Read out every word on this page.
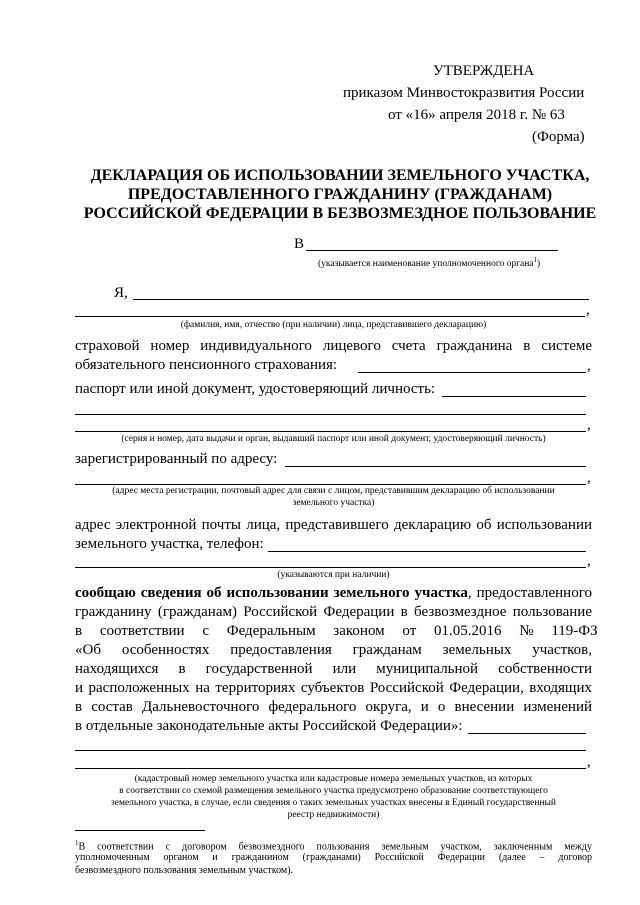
УТВЕРЖДЕНА
приказом Минвостокразвития России
от «16» апреля 2018 г. № 63
(Форма)
ДЕКЛАРАЦИЯ ОБ ИСПОЛЬЗОВАНИИ ЗЕМЕЛЬНОГО УЧАСТКА,
ПРЕДОСТАВЛЕННОГО ГРАЖДАНИНУ (ГРАЖДАНАМ)
РОССИЙСКОЙ ФЕДЕРАЦИИ В БЕЗВОЗМЕЗДНОЕ ПОЛЬЗОВАНИЕ
В
(указывается наименование уполномоченного органа$^1$)
Я,
,
(фамилия, имя, отчество (при наличии) лица, представившего декларацию)
страховой номер индивидуального лицевого счета гражданина в системе
обязательного пенсионного страхования:	,
паспорт или иной документ, удостоверяющий личность:
,
(серия и номер, дата выдачи и орган, выдавший паспорт или иной документ, удостоверяющий личность)
зарегистрированный по адресу:
,
(адрес места регистрации, почтовый адрес для связи с лицом, представившим декларацию об использовании
земельного участка)
адрес электронной почты лица, представившего декларацию об использовании
земельного участка, телефон:
,
(указываются при наличии)
сообщаю сведения об использовании земельного участка, предоставленного
гражданину (гражданам) Российской Федерации в безвозмездное пользование
в соответствии с Федеральным законом от 01.05.2016 № 119-ФЗ
«Об особенностях предоставления гражданам земельных участков,
находящихся в государственной или муниципальной собственности
и расположенных на территориях субъектов Российской Федерации, входящих
в состав Дальневосточного федерального округа, и о внесении изменений
в отдельные законодательные акты Российской Федерации»:
,
(кадастровый номер земельного участка или кадастровые номера земельных участков, из которых
в соответствии со схемой размещения земельного участка предусмотрено образование соответствующего
земельного участка, в случае, если сведения о таких земельных участках внесены в Единый государственный
реестр недвижимости)
$^1$В соответствии с договором безвозмездного пользования земельным участком, заключенным между
уполномоченным органом и гражданином (гражданами) Российской Федерации (далее – договор
безвозмездного пользования земельным участком).
